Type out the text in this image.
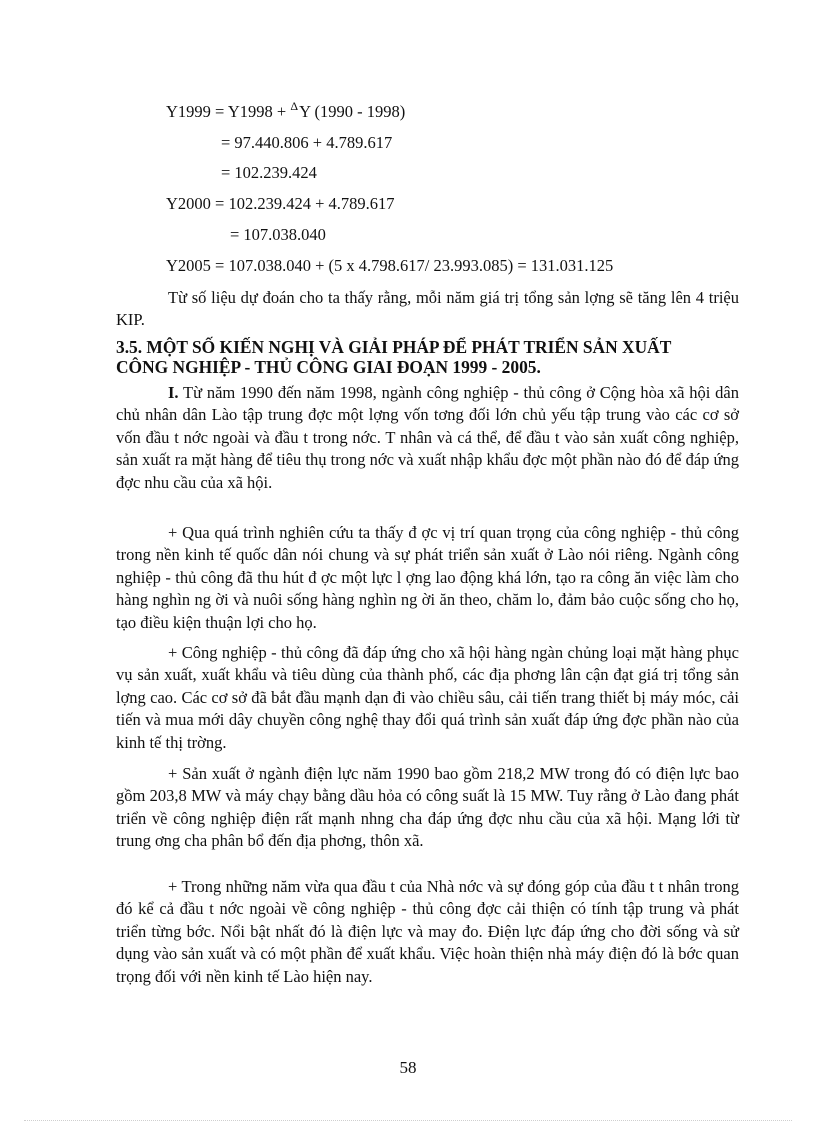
Y1999 = Y1998 + $^\Delta$Y (1990 - 1998)
= 97.440.806 + 4.789.617
= 102.239.424
Y2000 = 102.239.424 + 4.789.617
= 107.038.040
Y2005 = 107.038.040 + (5 x 4.798.617/ 23.993.085) = 131.031.125

Từ số liệu dự đoán cho ta thấy rằng, mỗi năm giá trị tổng sản lợng sẽ tăng lên 4 triệu KIP.

3.5. MỘT SỐ KIẾN NGHỊ VÀ GIẢI PHÁP ĐỂ PHÁT TRIỂN SẢN XUẤT
CÔNG NGHIỆP - THỦ CÔNG GIAI ĐOẠN 1999 - 2005.

I. Từ năm 1990 đến năm 1998, ngành công nghiệp - thủ công ở Cộng hòa xã hội dân chủ nhân dân Lào tập trung đợc một lợng vốn tơng đối lớn chủ yếu tập trung vào các cơ sở vốn đầu t nớc ngoài và đầu t trong nớc. T nhân và cá thể, để đầu t vào sản xuất công nghiệp, sản xuất ra mặt hàng để tiêu thụ trong nớc và xuất nhập khẩu đợc một phần nào đó để đáp ứng đợc nhu cầu của xã hội.

+ Qua quá trình nghiên cứu ta thấy đ ợc vị trí quan trọng của công nghiệp - thủ công trong nền kinh tế quốc dân nói chung và sự phát triển sản xuất ở Lào nói riêng. Ngành công nghiệp - thủ công đã thu hút đ ợc một lực l ợng lao động khá lớn, tạo ra công ăn việc làm cho hàng nghìn ng ời và nuôi sống hàng nghìn ng ời ăn theo, chăm lo, đảm bảo cuộc sống cho họ, tạo điều kiện thuận lợi cho họ.

+ Công nghiệp - thủ công đã đáp ứng cho xã hội hàng ngàn chủng loại mặt hàng phục vụ sản xuất, xuất khẩu và tiêu dùng của thành phố, các địa phơng lân cận đạt giá trị tổng sản lợng cao. Các cơ sở đã bắt đầu mạnh dạn đi vào chiều sâu, cải tiến trang thiết bị máy móc, cải tiến và mua mới dây chuyền công nghệ thay đổi quá trình sản xuất đáp ứng đợc phần nào của kinh tế thị trờng.

+ Sản xuất ở ngành điện lực năm 1990 bao gồm 218,2 MW trong đó có điện lực bao gồm 203,8 MW và máy chạy bằng dầu hỏa có công suất là 15 MW. Tuy rằng ở Lào đang phát triển về công nghiệp điện rất mạnh nhng cha đáp ứng đợc nhu cầu của xã hội. Mạng lới từ trung ơng cha phân bổ đến địa phơng, thôn xã.

+ Trong những năm vừa qua đầu t của Nhà nớc và sự đóng góp của đầu t t nhân trong đó kể cả đầu t nớc ngoài về công nghiệp - thủ công đợc cải thiện có tính tập trung và phát triển từng bớc. Nổi bật nhất đó là điện lực và may đo. Điện lực đáp ứng cho đời sống và sử dụng vào sản xuất và có một phần để xuất khẩu. Việc hoàn thiện nhà máy điện đó là bớc quan trọng đối với nền kinh tế Lào hiện nay.

58
